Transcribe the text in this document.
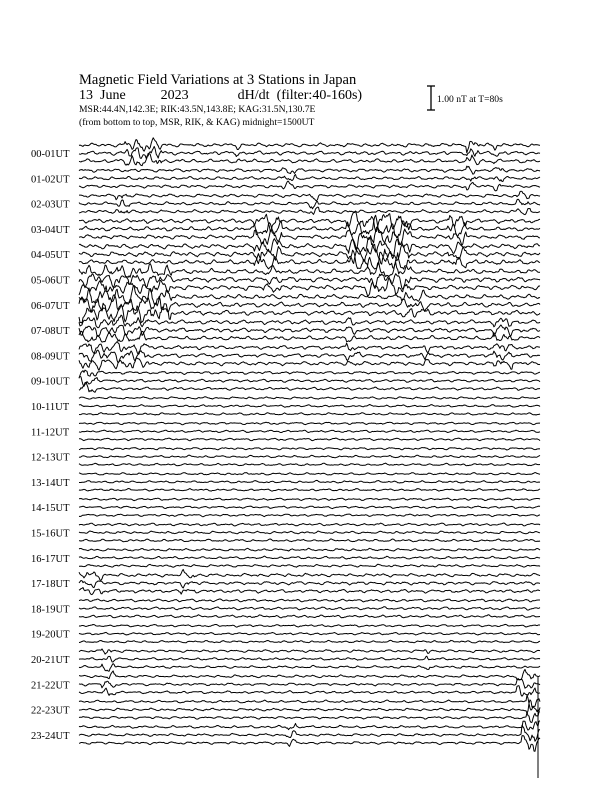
Magnetic Field Variations at 3 Stations in Japan
13 June	2023	dH/dt (filter:40-160s)
MSR:44.4N,142.3E; RIK:43.5N,143.8E; KAG:31.5N,130.7E
(from bottom to top, MSR, RIK, & KAG) midnight=1500UT
1.00 nT at T=80s
00-01UT
01-02UT
02-03UT
03-04UT
04-05UT
05-06UT
06-07UT
07-08UT
08-09UT
09-10UT
10-11UT
11-12UT
12-13UT
13-14UT
14-15UT
15-16UT
16-17UT
17-18UT
18-19UT
19-20UT
20-21UT
21-22UT
22-23UT
23-24UT
